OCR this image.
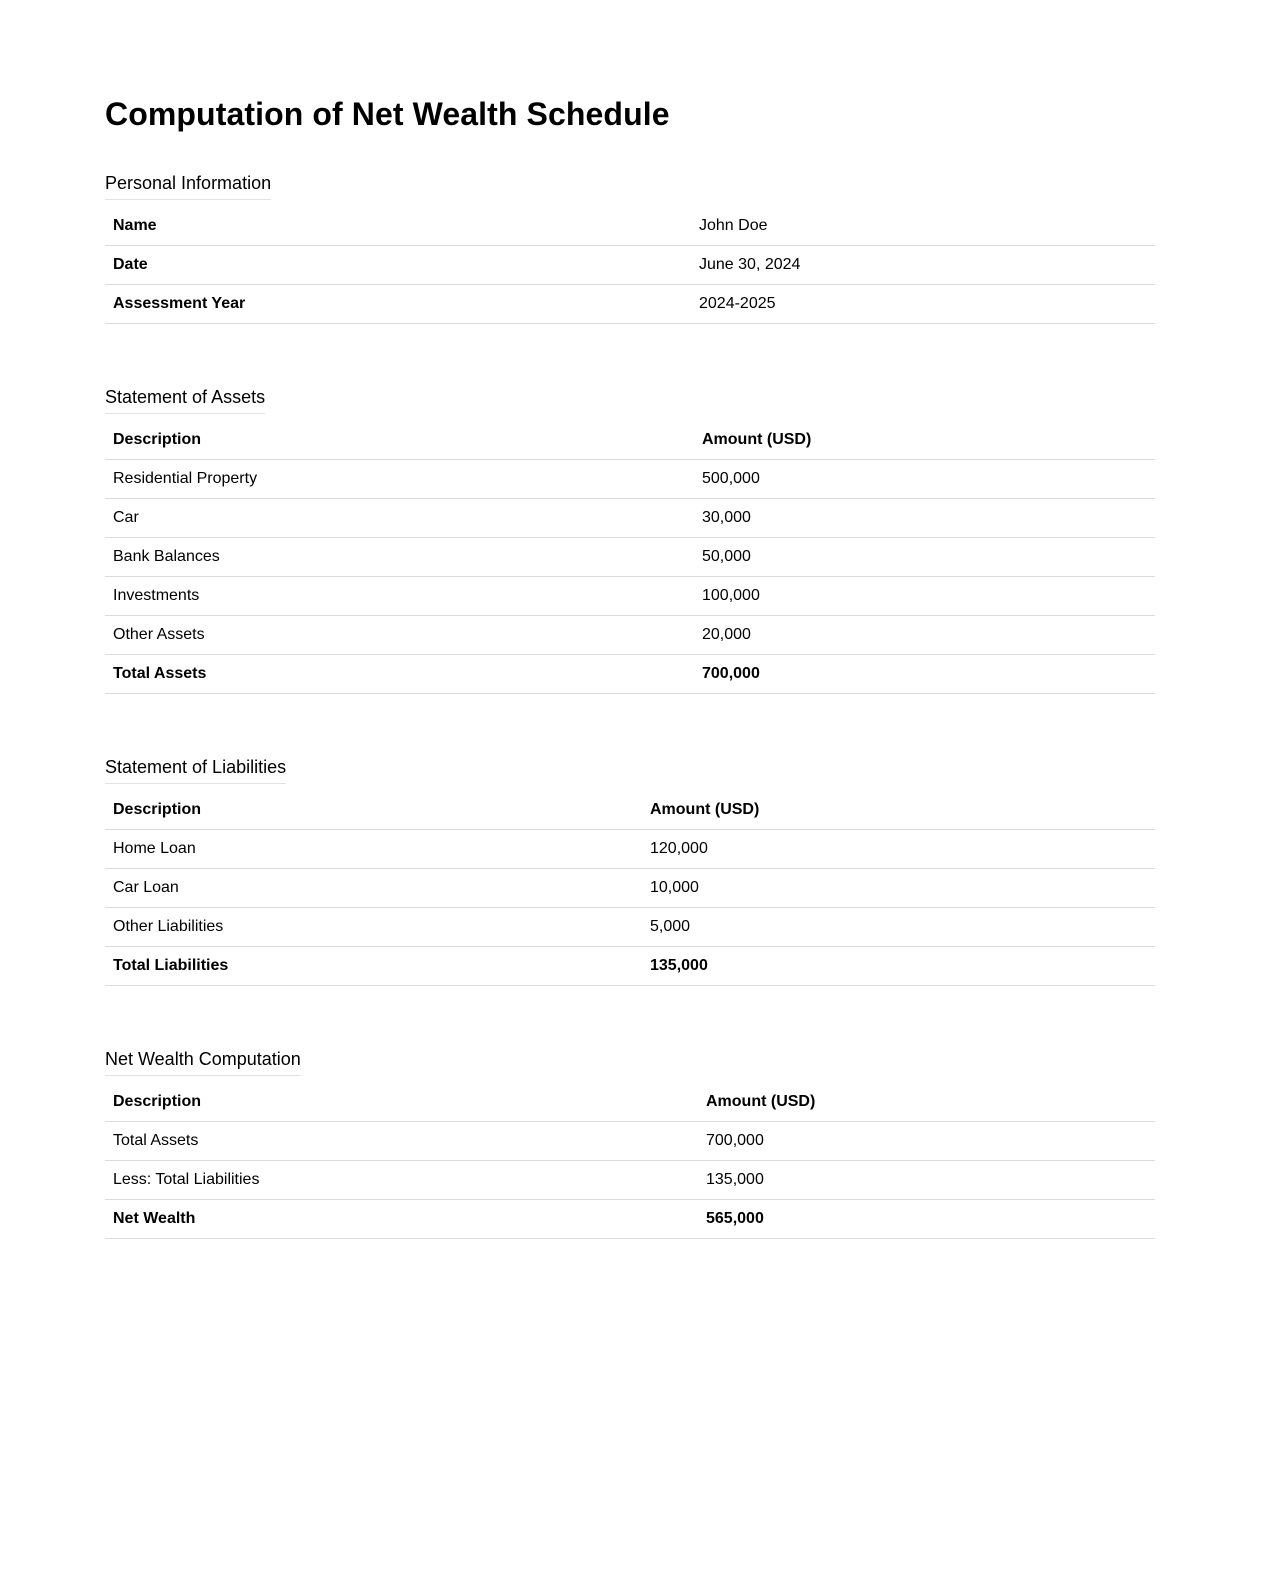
Computation of Net Wealth Schedule
Personal Information
Name	John Doe
Date	June 30, 2024
Assessment Year	2024-2025
Statement of Assets
Description	Amount (USD)
Residential Property	500,000
Car	30,000
Bank Balances	50,000
Investments	100,000
Other Assets	20,000
Total Assets	700,000
Statement of Liabilities
Description	Amount (USD)
Home Loan	120,000
Car Loan	10,000
Other Liabilities	5,000
Total Liabilities	135,000
Net Wealth Computation
Description	Amount (USD)
Total Assets	700,000
Less: Total Liabilities	135,000
Net Wealth	565,000
